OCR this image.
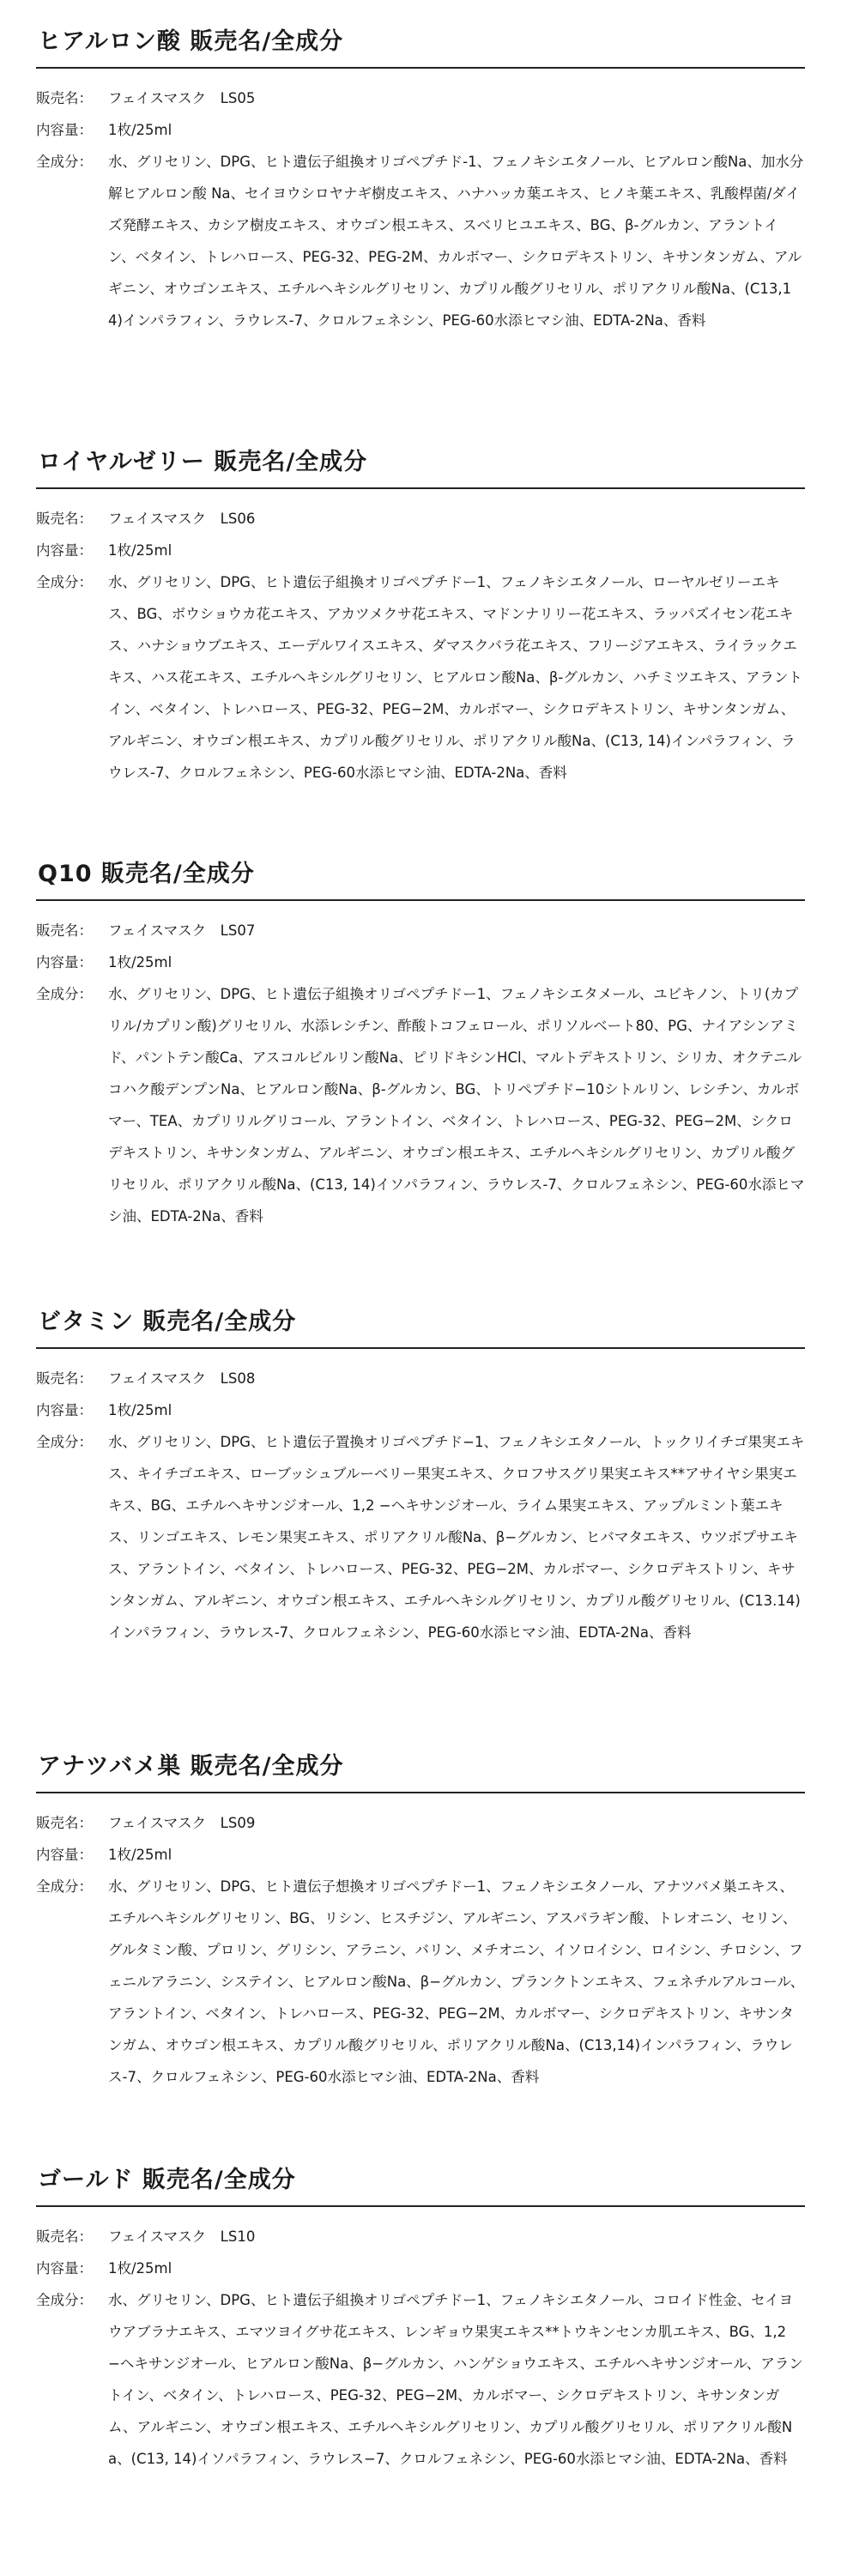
ヒアルロン酸 販売名/全成分
販売名：	フェイスマスク　LS05
内容量：	1枚/25ml
全成分：	水、グリセリン、DPG、ヒト遺伝子組換オリゴペプチド-1、フェノキシエタノール、ヒアルロン酸Na、加水分解ヒアルロン酸 Na、セイヨウシロヤナギ樹皮エキス、ハナハッカ葉エキス、ヒノキ葉エキス、乳酸桿菌/ダイズ発酵エキス、カシア樹皮エキス、オウゴン根エキス、スベリヒユエキス、BG、β-グルカン、アラントイン、ベタイン、トレハロース、PEG-32、PEG-2M、カルボマー、シクロデキストリン、キサンタンガム、アルギニン、オウゴンエキス、エチルヘキシルグリセリン、カプリル酸グリセリル、ポリアクリル酸Na、(C13,14)インパラフィン、ラウレス-7、クロルフェネシン、PEG-60水添ヒマシ油、EDTA-2Na、香料
ロイヤルゼリー 販売名/全成分
販売名：	フェイスマスク　LS06
内容量：	1枚/25ml
全成分：	水、グリセリン、DPG、ヒト遺伝子組換オリゴペプチドー1、フェノキシエタノール、ローヤルゼリーエキス、BG、ボウショウカ花エキス、アカツメクサ花エキス、マドンナリリー花エキス、ラッパズイセン花エキス、ハナショウブエキス、エーデルワイスエキス、ダマスクバラ花エキス、フリージアエキス、ライラックエキス、ハス花エキス、エチルヘキシルグリセリン、ヒアルロン酸Na、β-グルカン、ハチミツエキス、アラントイン、ベタイン、トレハロース、PEG-32、PEG−2M、カルボマー、シクロデキストリン、キサンタンガム、アルギニン、オウゴン根エキス、カプリル酸グリセリル、ポリアクリル酸Na、(C13, 14)インパラフィン、ラウレス-7、クロルフェネシン、PEG-60水添ヒマシ油、EDTA-2Na、香料
Q10 販売名/全成分
販売名：	フェイスマスク　LS07
内容量：	1枚/25ml
全成分：	水、グリセリン、DPG、ヒト遺伝子組換オリゴペプチドー1、フェノキシエタメール、ユビキノン、トリ(カプリル/カプリン酸)グリセリル、水添レシチン、酢酸トコフェロール、ポリソルベート80、PG、ナイアシンアミド、パントテン酸Ca、アスコルビルリン酸Na、ピリドキシンHCl、マルトデキストリン、シリカ、オクテニルコハク酸デンプンNa、ヒアルロン酸Na、β-グルカン、BG、トリペプチド−10シトルリン、レシチン、カルボマー、TEA、カプリリルグリコール、アラントイン、ベタイン、トレハロース、PEG-32、PEG−2M、シクロデキストリン、キサンタンガム、アルギニン、オウゴン根エキス、エチルヘキシルグリセリン、カプリル酸グリセリル、ポリアクリル酸Na、(C13, 14)イソパラフィン、ラウレス-7、クロルフェネシン、PEG-60水添ヒマシ油、EDTA-2Na、香料
ビタミン 販売名/全成分
販売名：	フェイスマスク　LS08
内容量：	1枚/25ml
全成分：	水、グリセリン、DPG、ヒト遺伝子置換オリゴペプチド−1、フェノキシエタノール、トックリイチゴ果実エキス、キイチゴエキス、ローブッシュブルーベリー果実エキス、クロフサスグリ果実エキス**アサイヤシ果実エキス、BG、エチルヘキサンジオール、1,2 −ヘキサンジオール、ライム果実エキス、アップルミント葉エキス、リンゴエキス、レモン果実エキス、ポリアクリル酸Na、β−グルカン、ヒバマタエキス、ウツボプサエキス、アラントイン、ベタイン、トレハロース、PEG-32、PEG−2M、カルボマー、シクロデキストリン、キサンタンガム、アルギニン、オウゴン根エキス、エチルヘキシルグリセリン、カプリル酸グリセリル、(C13.14) インパラフィン、ラウレス-7、クロルフェネシン、PEG-60水添ヒマシ油、EDTA-2Na、香料
アナツバメ巣 販売名/全成分
販売名：	フェイスマスク　LS09
内容量：	1枚/25ml
全成分：	水、グリセリン、DPG、ヒト遺伝子想換オリゴペプチドー1、フェノキシエタノール、アナツバメ巣エキス、エチルヘキシルグリセリン、BG、リシン、ヒスチジン、アルギニン、アスパラギン酸、トレオニン、セリン、グルタミン酸、プロリン、グリシン、アラニン、バリン、メチオニン、イソロイシン、ロイシン、チロシン、フェニルアラニン、システイン、ヒアルロン酸Na、β−グルカン、プランクトンエキス、フェネチルアルコール、アラントイン、ベタイン、トレハロース、PEG-32、PEG−2M、カルボマー、シクロデキストリン、キサンタンガム、オウゴン根エキス、カプリル酸グリセリル、ポリアクリル酸Na、(C13,14)インパラフィン、ラウレス-7、クロルフェネシン、PEG-60水添ヒマシ油、EDTA-2Na、香料
ゴールド 販売名/全成分
販売名：	フェイスマスク　LS10
内容量：	1枚/25ml
全成分：	水、グリセリン、DPG、ヒト遺伝子組換オリゴペプチドー1、フェノキシエタノール、コロイド性金、セイヨウアブラナエキス、エマツヨイグサ花エキス、レンギョウ果実エキス**トウキンセンカ肌エキス、BG、1,2−ヘキサンジオール、ヒアルロン酸Na、β−グルカン、ハンゲショウエキス、エチルヘキサンジオール、アラントイン、ベタイン、トレハロース、PEG-32、PEG−2M、カルボマー、シクロデキストリン、キサンタンガム、アルギニン、オウゴン根エキス、エチルヘキシルグリセリン、カプリル酸グリセリル、ポリアクリル酸Na、(C13, 14)イソパラフィン、ラウレス−7、クロルフェネシン、PEG-60水添ヒマシ油、EDTA-2Na、香料
